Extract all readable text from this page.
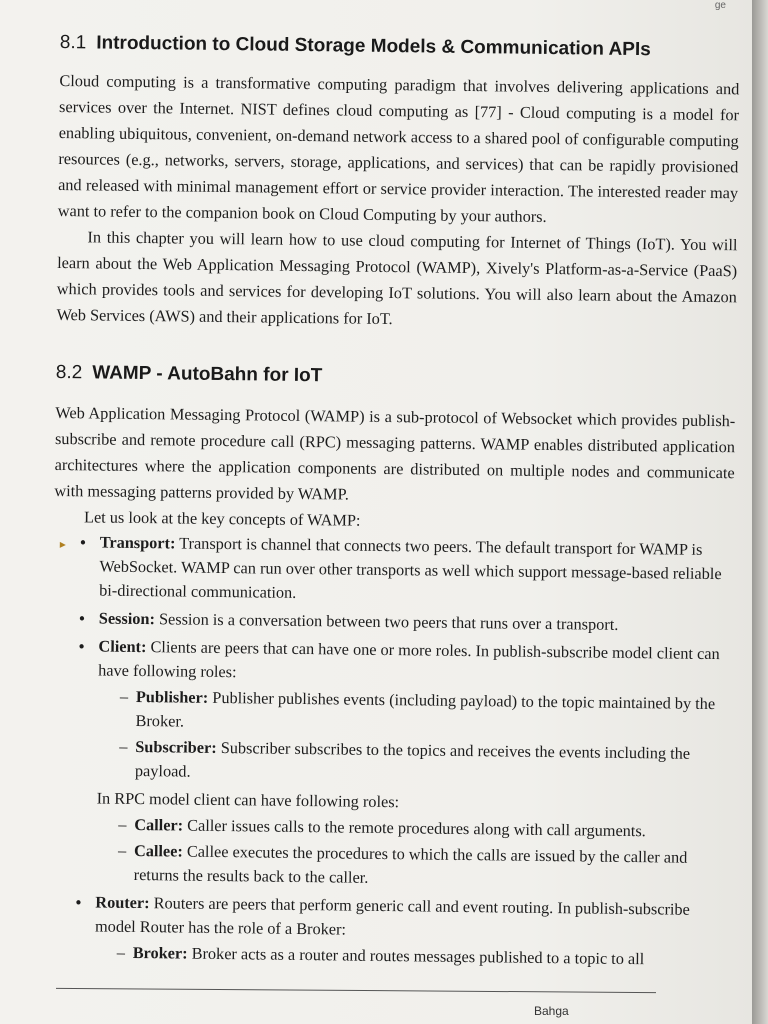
ge
8.1 Introduction to Cloud Storage Models & Communication APIs

Cloud computing is a transformative computing paradigm that involves delivering applications and services over the Internet. NIST defines cloud computing as [77] - Cloud computing is a model for enabling ubiquitous, convenient, on-demand network access to a shared pool of configurable computing resources (e.g., networks, servers, storage, applications, and services) that can be rapidly provisioned and released with minimal management effort or service provider interaction. The interested reader may want to refer to the companion book on Cloud Computing by your authors.

In this chapter you will learn how to use cloud computing for Internet of Things (IoT). You will learn about the Web Application Messaging Protocol (WAMP), Xively's Platform-as-a-Service (PaaS) which provides tools and services for developing IoT solutions. You will also learn about the Amazon Web Services (AWS) and their applications for IoT.

8.2 WAMP - AutoBahn for IoT

Web Application Messaging Protocol (WAMP) is a sub-protocol of Websocket which provides publish-subscribe and remote procedure call (RPC) messaging patterns. WAMP enables distributed application architectures where the application components are distributed on multiple nodes and communicate with messaging patterns provided by WAMP.

Let us look at the key concepts of WAMP:
▸ • Transport: Transport is channel that connects two peers. The default transport for WAMP is WebSocket. WAMP can run over other transports as well which support message-based reliable bi-directional communication.
• Session: Session is a conversation between two peers that runs over a transport.
• Client: Clients are peers that can have one or more roles. In publish-subscribe model client can have following roles:
– Publisher: Publisher publishes events (including payload) to the topic maintained by the Broker.
– Subscriber: Subscriber subscribes to the topics and receives the events including the payload.
In RPC model client can have following roles:
– Caller: Caller issues calls to the remote procedures along with call arguments.
– Callee: Callee executes the procedures to which the calls are issued by the caller and returns the results back to the caller.
• Router: Routers are peers that perform generic call and event routing. In publish-subscribe model Router has the role of a Broker:
– Broker: Broker acts as a router and routes messages published to a topic to all
Bahga
